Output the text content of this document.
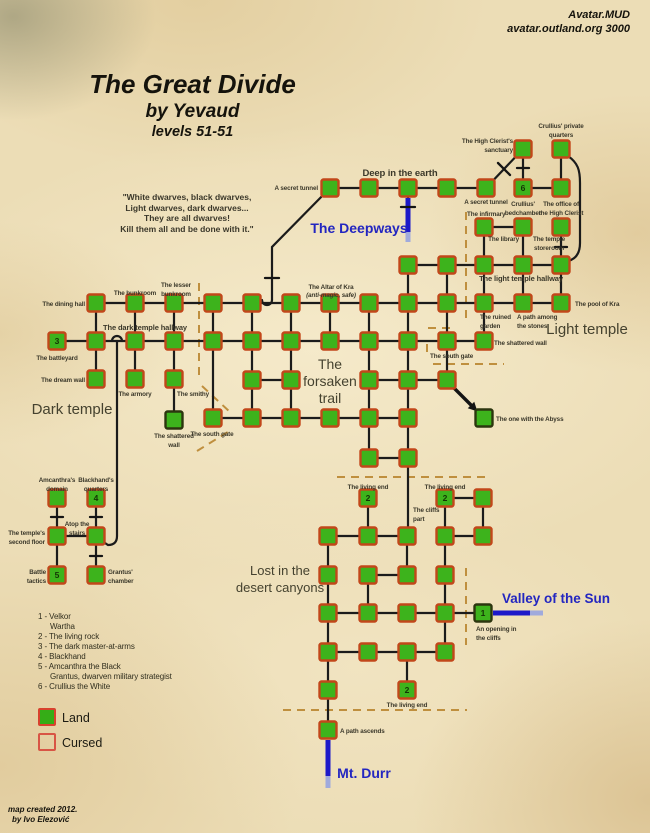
6
3
4
5
2	2
1
2
A secret tunnel
Deep in the earth
The High Clerist's
sanctuary
Crullius' private
quarters
A secret tunnel Crullius'
bedchamber
The office of
the High Clerist
The infirmary
The library The temple
storeroom
The light temple hallway
The pool of Kra
The ruined
garden
A path among
the stones
Light temple
The shattered wall
The south gate
The one with the Abyss
The dining hall
The bunkroom
The lesser
bunkroom
The dark temple hallway
The battleyard
The dream wall
The armory	The smithy
Dark temple
The shattered
wall
The south gate
The Altar of Kra
(anti-magic, safe)
The
forsaken
trail
The Deepways
Amcanthra's
domain
Blackhand's
quarters
The temple's
second floor
Atop the
stairs
Battle
tactics
Grantus'
chamber
The living end	The living end
The cliffs
part
Lost in the
desert canyons
An opening in
the cliffs
Valley of the Sun
A path ascends
The living end
Mt. Durr
Avatar.MUD
avatar.outland.org 3000
The Great Divide
by Yevaud
levels 51-51
"White dwarves, black dwarves,
Light dwarves, dark dwarves...
They are all dwarves!
Kill them all and be done with it."
1 - Velkor
Wartha
2 - The living rock
3 - The dark master-at-arms
4 - Blackhand
5 - Amcanthra the Black
Grantus, dwarven military strategist
6 - Crullius the White
Land
Cursed
map created 2012.
by Ivo Elezović
